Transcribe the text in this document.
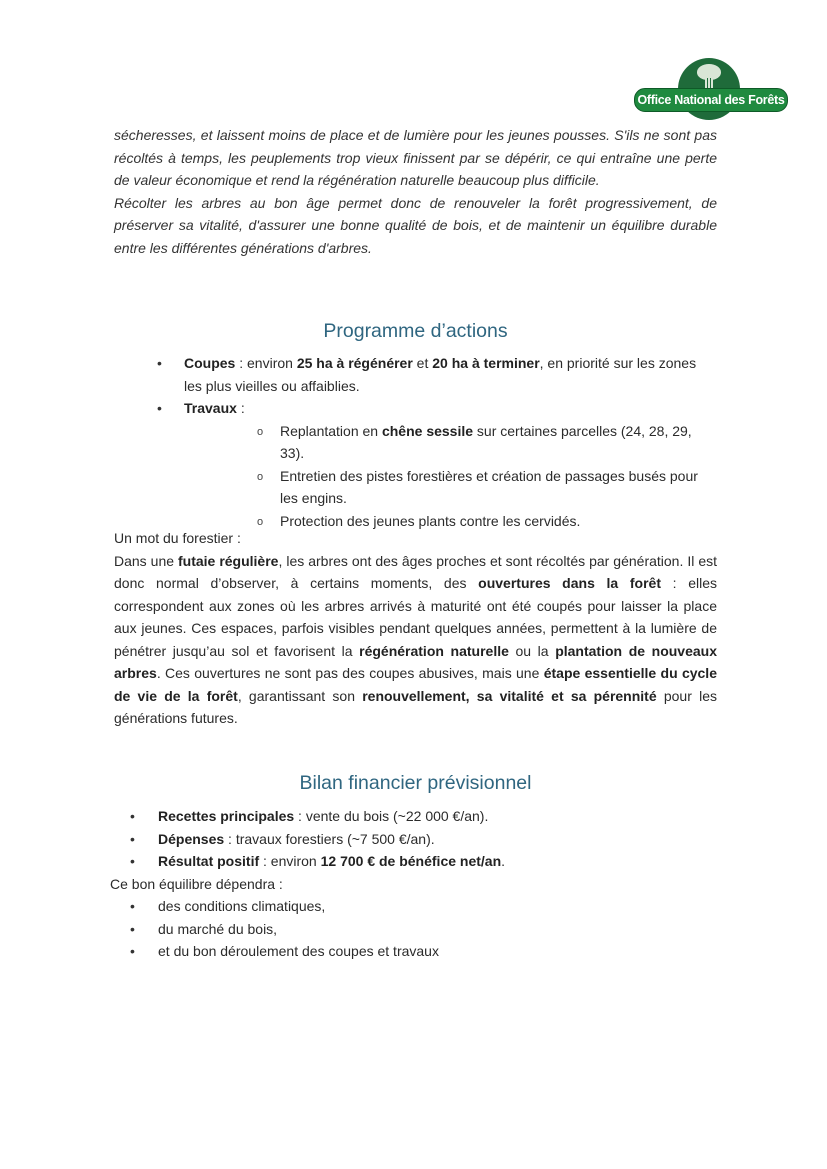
Office National des Forêts

sécheresses, et laissent moins de place et de lumière pour les jeunes pousses. S'ils ne sont pas récoltés à temps, les peuplements trop vieux finissent par se dépérir, ce qui entraîne une perte de valeur économique et rend la régénération naturelle beaucoup plus difficile.

Récolter les arbres au bon âge permet donc de renouveler la forêt progressivement, de préserver sa vitalité, d'assurer une bonne qualité de bois, et de maintenir un équilibre durable entre les différentes générations d'arbres.

Programme d’actions
• Coupes : environ 25 ha à régénérer et 20 ha à terminer, en priorité sur les zones les plus vieilles ou affaiblies.
• Travaux :
o Replantation en chêne sessile sur certaines parcelles (24, 28, 29, 33).
o Entretien des pistes forestières et création de passages busés pour les engins.
o Protection des jeunes plants contre les cervidés.

Un mot du forestier :

Dans une futaie régulière, les arbres ont des âges proches et sont récoltés par génération. Il est donc normal d’observer, à certains moments, des ouvertures dans la forêt : elles correspondent aux zones où les arbres arrivés à maturité ont été coupés pour laisser la place aux jeunes. Ces espaces, parfois visibles pendant quelques années, permettent à la lumière de pénétrer jusqu’au sol et favorisent la régénération naturelle ou la plantation de nouveaux arbres. Ces ouvertures ne sont pas des coupes abusives, mais une étape essentielle du cycle de vie de la forêt, garantissant son renouvellement, sa vitalité et sa pérennité pour les générations futures.

Bilan financier prévisionnel
• Recettes principales : vente du bois (~22 000 €/an).
• Dépenses : travaux forestiers (~7 500 €/an).
• Résultat positif : environ 12 700 € de bénéfice net/an.
Ce bon équilibre dépendra :
• des conditions climatiques,
• du marché du bois,
• et du bon déroulement des coupes et travaux
